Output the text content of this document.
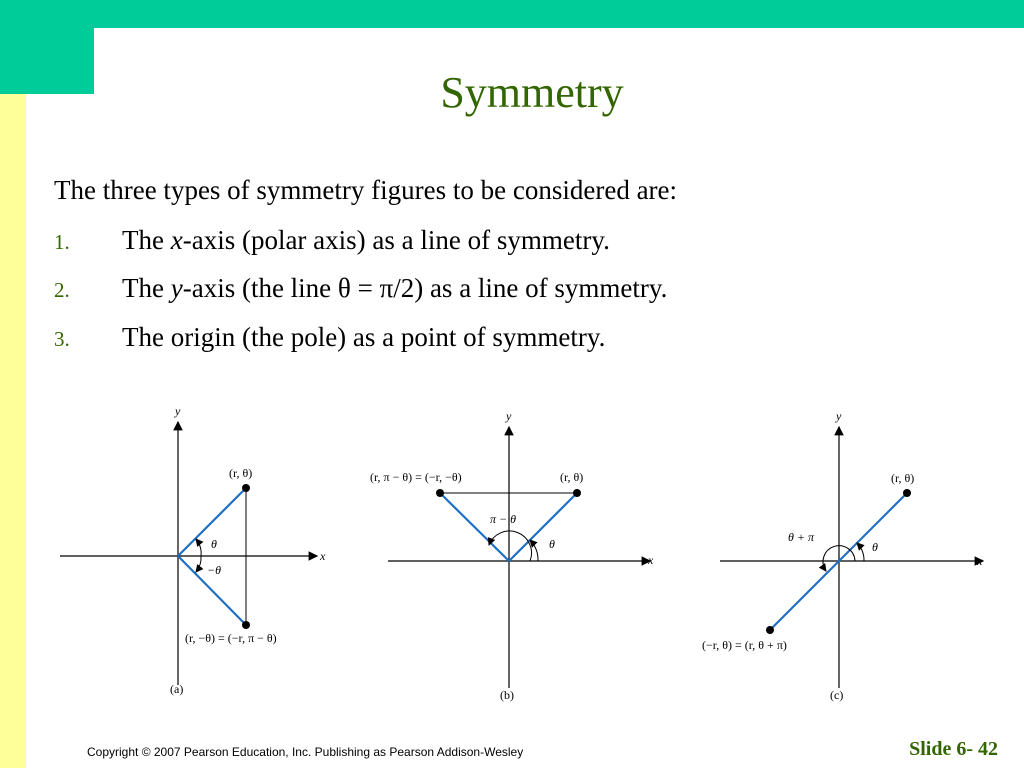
Symmetry
The three types of symmetry figures to be considered are:
1. The x-axis (polar axis) as a line of symmetry.
2. The y-axis (the line θ = π/2) as a line of symmetry.
3. The origin (the pole) as a point of symmetry.
x
y
(r, θ)
(r, −θ) = (−r, π − θ)
θ
−θ
(a)
x
y
(r, π − θ) = (−r, −θ)	(r, θ)
π − θ
θ
(b)
x
y
(r, θ)
(−r, θ) = (r, θ + π)
θ + π
θ
(c)
Copyright © 2007 Pearson Education, Inc. Publishing as Pearson Addison-Wesley	Slide 6- 42
